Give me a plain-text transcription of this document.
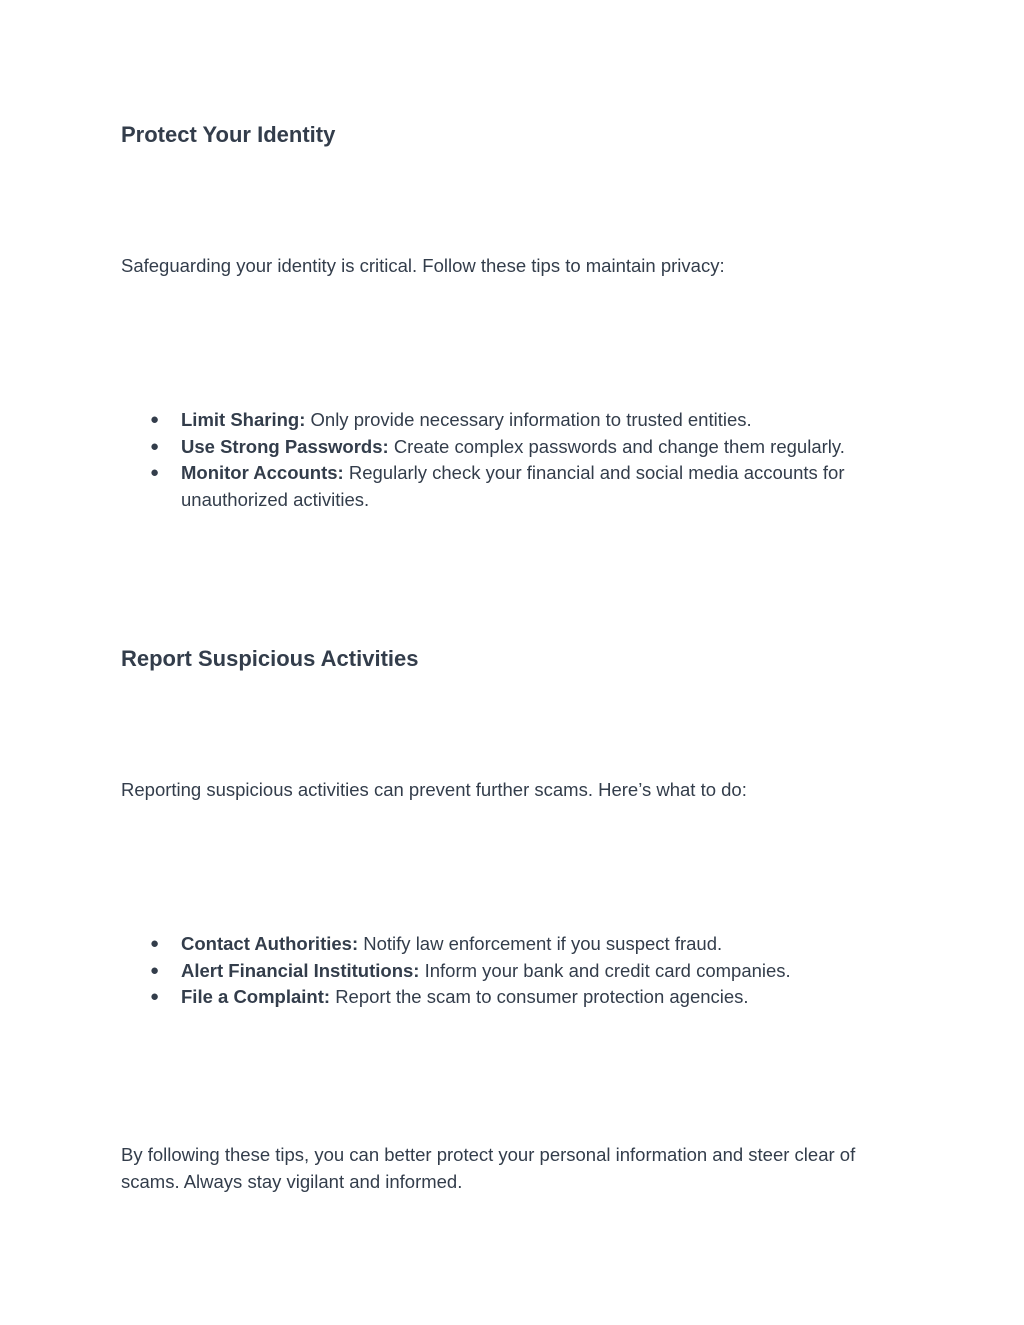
Protect Your Identity

Safeguarding your identity is critical. Follow these tips to maintain privacy:

●	Limit Sharing: Only provide necessary information to trusted entities.
●	Use Strong Passwords: Create complex passwords and change them regularly.
●	Monitor Accounts: Regularly check your financial and social media accounts for unauthorized activities.
Report Suspicious Activities

Reporting suspicious activities can prevent further scams. Here’s what to do:

●	Contact Authorities: Notify law enforcement if you suspect fraud.
●	Alert Financial Institutions: Inform your bank and credit card companies.
●	File a Complaint: Report the scam to consumer protection agencies.

By following these tips, you can better protect your personal information and steer clear of scams. Always stay vigilant and informed.
